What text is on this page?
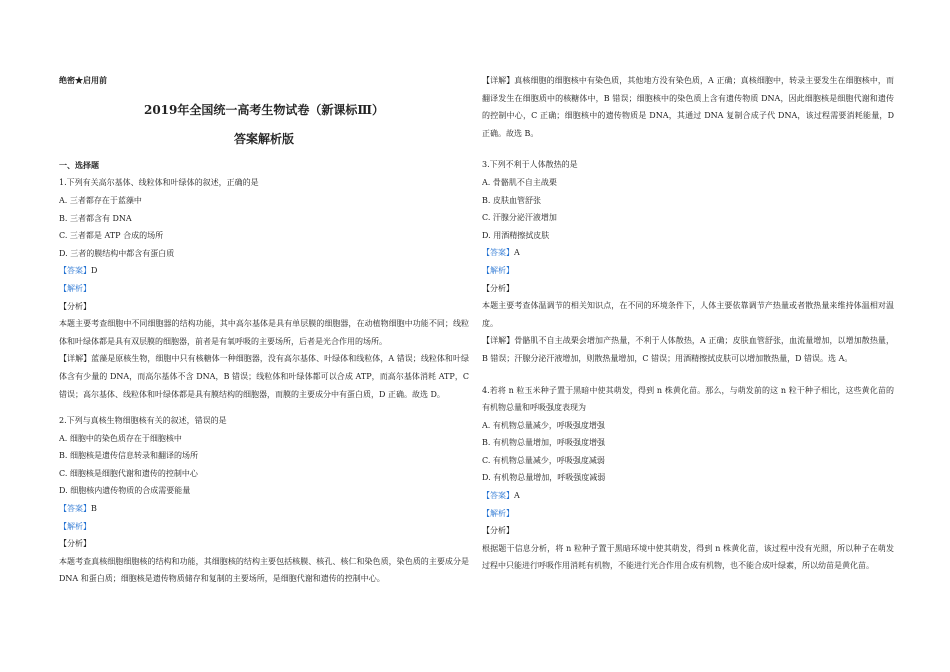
绝密★启用前
2019年全国统一高考生物试卷（新课标Ⅲ）
答案解析版
一、选择题
1.下列有关高尔基体、线粒体和叶绿体的叙述，正确的是
A. 三者都存在于蓝藻中
B. 三者都含有 DNA
C. 三者都是 ATP 合成的场所
D. 三者的膜结构中都含有蛋白质
【答案】D
【解析】
【分析】
本题主要考查细胞中不同细胞器的结构功能，其中高尔基体是具有单层膜的细胞器，在动植物细胞中功能不同；线粒体和叶绿体都是具有双层膜的细胞器，前者是有氧呼吸的主要场所，后者是光合作用的场所。
【详解】蓝藻是原核生物，细胞中只有核糖体一种细胞器，没有高尔基体、叶绿体和线粒体，A 错误；线粒体和叶绿体含有少量的 DNA，而高尔基体不含 DNA，B 错误；线粒体和叶绿体都可以合成 ATP，而高尔基体消耗 ATP，C 错误；高尔基体、线粒体和叶绿体都是具有膜结构的细胞器，而膜的主要成分中有蛋白质，D 正确。故选 D。
2.下列与真核生物细胞核有关的叙述，错误的是
A. 细胞中的染色质存在于细胞核中
B. 细胞核是遗传信息转录和翻译的场所
C. 细胞核是细胞代谢和遗传的控制中心
D. 细胞核内遗传物质的合成需要能量
【答案】B
【解析】
【分析】
本题考查真核细胞细胞核的结构和功能，其细胞核的结构主要包括核膜、核孔、核仁和染色质，染色质的主要成分是 DNA 和蛋白质；细胞核是遗传物质储存和复制的主要场所，是细胞代谢和遗传的控制中心。
【详解】真核细胞的细胞核中有染色质，其他地方没有染色质，A 正确；真核细胞中，转录主要发生在细胞核中，而翻译发生在细胞质中的核糖体中，B 错误；细胞核中的染色质上含有遗传物质 DNA，因此细胞核是细胞代谢和遗传的控制中心，C 正确；细胞核中的遗传物质是 DNA，其通过 DNA 复制合成子代 DNA，该过程需要消耗能量，D 正确。故选 B。
3.下列不利于人体散热的是
A. 骨骼肌不自主战栗
B. 皮肤血管舒张
C. 汗腺分泌汗液增加
D. 用酒精擦拭皮肤
【答案】A
【解析】
【分析】
本题主要考查体温调节的相关知识点，在不同的环境条件下，人体主要依靠调节产热量或者散热量来维持体温相对温度。
【详解】骨骼肌不自主战栗会增加产热量，不利于人体散热，A 正确；皮肤血管舒张，血流量增加，以增加散热量，B 错误；汗腺分泌汗液增加，则散热量增加，C 错误；用酒精擦拭皮肤可以增加散热量，D 错误。选 A。
4.若将 n 粒玉米种子置于黑暗中使其萌发，得到 n 株黄化苗。那么，与萌发前的这 n 粒干种子相比，这些黄化苗的有机物总量和呼吸强度表现为
A. 有机物总量减少，呼吸强度增强
B. 有机物总量增加，呼吸强度增强
C. 有机物总量减少，呼吸强度减弱
D. 有机物总量增加，呼吸强度减弱
【答案】A
【解析】
【分析】
根据题干信息分析，将 n 粒种子置于黑暗环境中使其萌发，得到 n 株黄化苗，该过程中没有光照，所以种子在萌发过程中只能进行呼吸作用消耗有机物，不能进行光合作用合成有机物，也不能合成叶绿素，所以幼苗是黄化苗。
